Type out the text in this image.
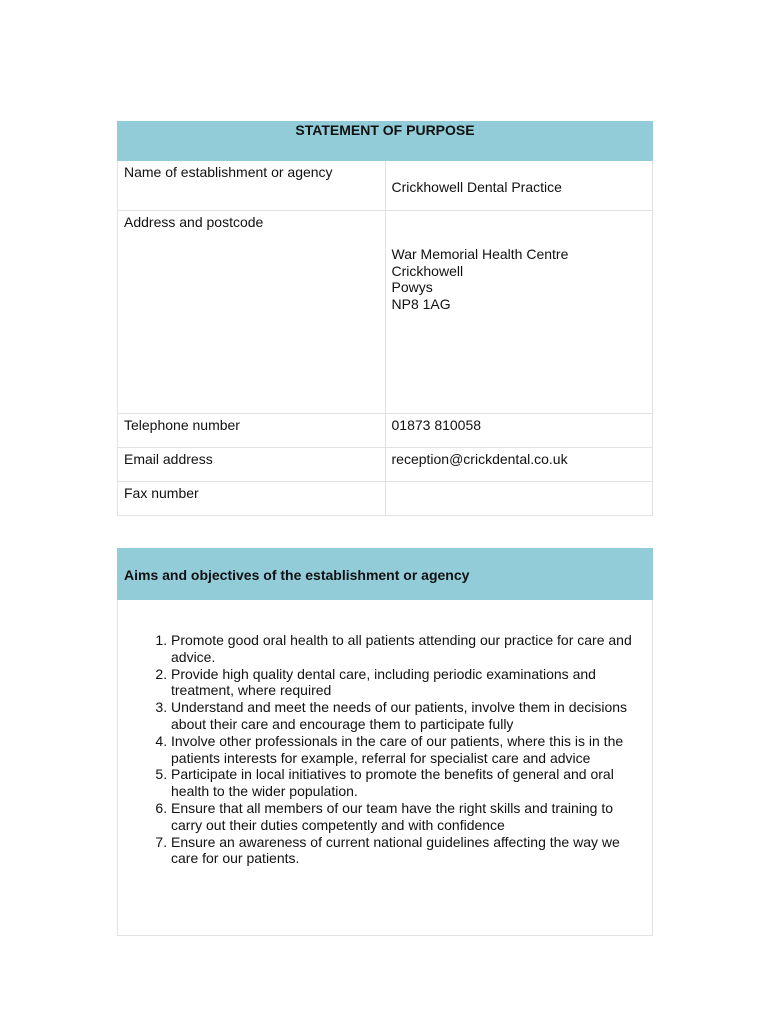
STATEMENT OF PURPOSE	
Name of establishment or agency	Crickhowell Dental Practice
Address and postcode	War Memorial Health Centre
Crickhowell
Powys
NP8 1AG

Telephone number	01873 810058
Email address	reception@crickdental.co.uk
Fax number	
Aims and objectives of the establishment or agency

1. Promote good oral health to all patients attending our practice for care and advice.
2. Provide high quality dental care, including periodic examinations and treatment, where required
3. Understand and meet the needs of our patients, involve them in decisions about their care and encourage them to participate fully
4. Involve other professionals in the care of our patients, where this is in the patients interests for example, referral for specialist care and advice
5. Participate in local initiatives to promote the benefits of general and oral health to the wider population.
6. Ensure that all members of our team have the right skills and training to carry out their duties competently and with confidence
7. Ensure an awareness of current national guidelines affecting the way we care for our patients.
